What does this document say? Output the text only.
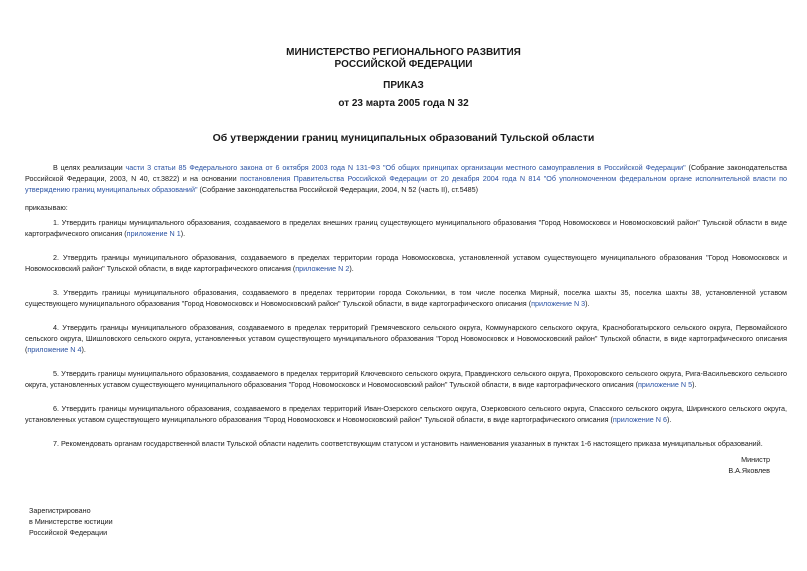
МИНИСТЕРСТВО РЕГИОНАЛЬНОГО РАЗВИТИЯ
РОССИЙСКОЙ ФЕДЕРАЦИИ
ПРИКАЗ
от 23 марта 2005 года N 32
Об утверждении границ муниципальных образований Тульской области

В целях реализации части 3 статьи 85 Федерального закона от 6 октября 2003 года N 131-ФЗ "Об общих принципах организации местного самоуправления в Российской Федерации" (Собрание законодательства Российской Федерации, 2003, N 40, ст.3822) и на основании постановления Правительства Российской Федерации от 20 декабря 2004 года N 814 "Об уполномоченном федеральном органе исполнительной власти по утверждению границ муниципальных образований" (Собрание законодательства Российской Федерации, 2004, N 52 (часть II), ст.5485)

приказываю:

1. Утвердить границы муниципального образования, создаваемого в пределах внешних границ существующего муниципального образования "Город Новомосковск и Новомосковский район" Тульской области в виде картографического описания (приложение N 1).

2. Утвердить границы муниципального образования, создаваемого в пределах территории города Новомосковска, установленной уставом существующего муниципального образования "Город Новомосковск и Новомосковский район" Тульской области, в виде картографического описания (приложение N 2).

3. Утвердить границы муниципального образования, создаваемого в пределах территории города Сокольники, в том числе поселка Мирный, поселка шахты 35, поселка шахты 38, установленной уставом существующего муниципального образования "Город Новомосковск и Новомосковский район" Тульской области, в виде картографического описания (приложение N 3).

4. Утвердить границы муниципального образования, создаваемого в пределах территорий Гремячевского сельского округа, Коммунарского сельского округа, Краснобогатырского сельского округа, Первомайского сельского округа, Шишловского сельского округа, установленных уставом существующего муниципального образования "Город Новомосковск и Новомосковский район" Тульской области, в виде картографического описания (приложение N 4).

5. Утвердить границы муниципального образования, создаваемого в пределах территорий Ключевского сельского округа, Правдинского сельского округа, Прохоровского сельского округа, Рига-Васильевского сельского округа, установленных уставом существующего муниципального образования "Город Новомосковск и Новомосковский район" Тульской области, в виде картографического описания (приложение N 5).

6. Утвердить границы муниципального образования, создаваемого в пределах территорий Иван-Озерского сельского округа, Озерковского сельского округа, Спасского сельского округа, Ширинского сельского округа, установленных уставом существующего муниципального образования "Город Новомосковск и Новомосковский район" Тульской области, в виде картографического описания (приложение N 6).

7. Рекомендовать органам государственной власти Тульской области наделить соответствующим статусом и установить наименования указанных в пунктах 1-6 настоящего приказа муниципальных образований.

Министр
В.А.Яковлев
Зарегистрировано
в Министерстве юстиции
Российской Федерации
